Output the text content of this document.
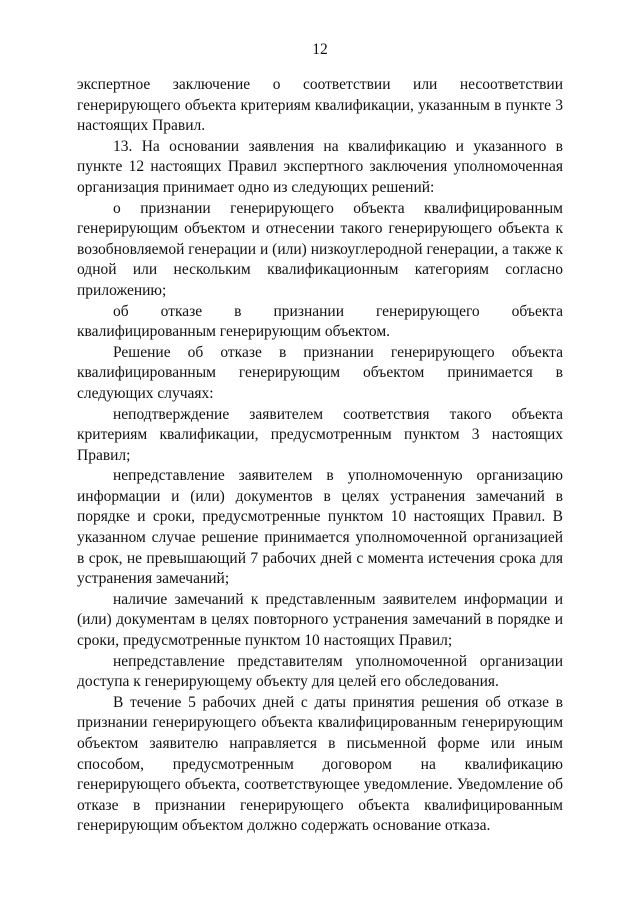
12

экспертное заключение о соответствии или несоответствии генерирующего объекта критериям квалификации, указанным в пункте 3 настоящих Правил.

13. На основании заявления на квалификацию и указанного в пункте 12 настоящих Правил экспертного заключения уполномоченная организация принимает одно из следующих решений:

о признании генерирующего объекта квалифицированным генерирующим объектом и отнесении такого генерирующего объекта к возобновляемой генерации и (или) низкоуглеродной генерации, а также к одной или нескольким квалификационным категориям согласно приложению;

об отказе в признании генерирующего объекта квалифицированным генерирующим объектом.

Решение об отказе в признании генерирующего объекта квалифицированным генерирующим объектом принимается в следующих случаях:

неподтверждение заявителем соответствия такого объекта критериям квалификации, предусмотренным пунктом 3 настоящих Правил;

непредставление заявителем в уполномоченную организацию информации и (или) документов в целях устранения замечаний в порядке и сроки, предусмотренные пунктом 10 настоящих Правил. В указанном случае решение принимается уполномоченной организацией в срок, не превышающий 7 рабочих дней с момента истечения срока для устранения замечаний;

наличие замечаний к представленным заявителем информации и (или) документам в целях повторного устранения замечаний в порядке и сроки, предусмотренные пунктом 10 настоящих Правил;

непредставление представителям уполномоченной организации доступа к генерирующему объекту для целей его обследования.

В течение 5 рабочих дней с даты принятия решения об отказе в признании генерирующего объекта квалифицированным генерирующим объектом заявителю направляется в письменной форме или иным способом, предусмотренным договором на квалификацию генерирующего объекта, соответствующее уведомление. Уведомление об отказе в признании генерирующего объекта квалифицированным генерирующим объектом должно содержать основание отказа.
